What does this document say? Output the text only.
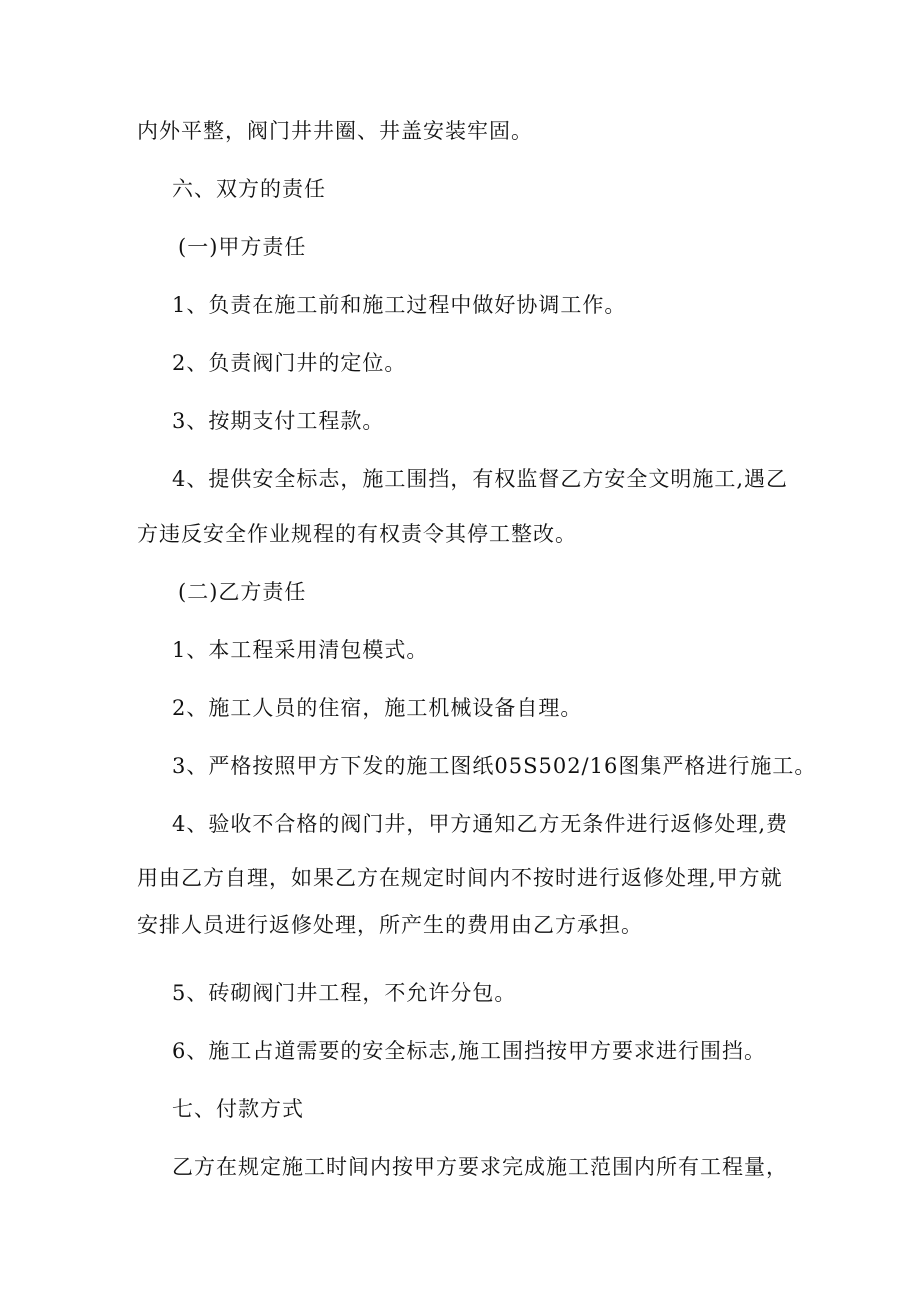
内外平整，阀门井井圈、井盖安装牢固。
六、双方的责任
(一)甲方责任
1、负责在施工前和施工过程中做好协调工作。
2、负责阀门井的定位。
3、按期支付工程款。
4、提供安全标志，施工围挡，有权监督乙方安全文明施工,遇乙
方违反安全作业规程的有权责令其停工整改。
(二)乙方责任
1、本工程采用清包模式。
2、施工人员的住宿，施工机械设备自理。
3、严格按照甲方下发的施工图纸05S502/16图集严格进行施工。
4、验收不合格的阀门井，甲方通知乙方无条件进行返修处理,费
用由乙方自理，如果乙方在规定时间内不按时进行返修处理,甲方就
安排人员进行返修处理，所产生的费用由乙方承担。
5、砖砌阀门井工程，不允许分包。
6、施工占道需要的安全标志,施工围挡按甲方要求进行围挡。
七、付款方式
乙方在规定施工时间内按甲方要求完成施工范围内所有工程量，
